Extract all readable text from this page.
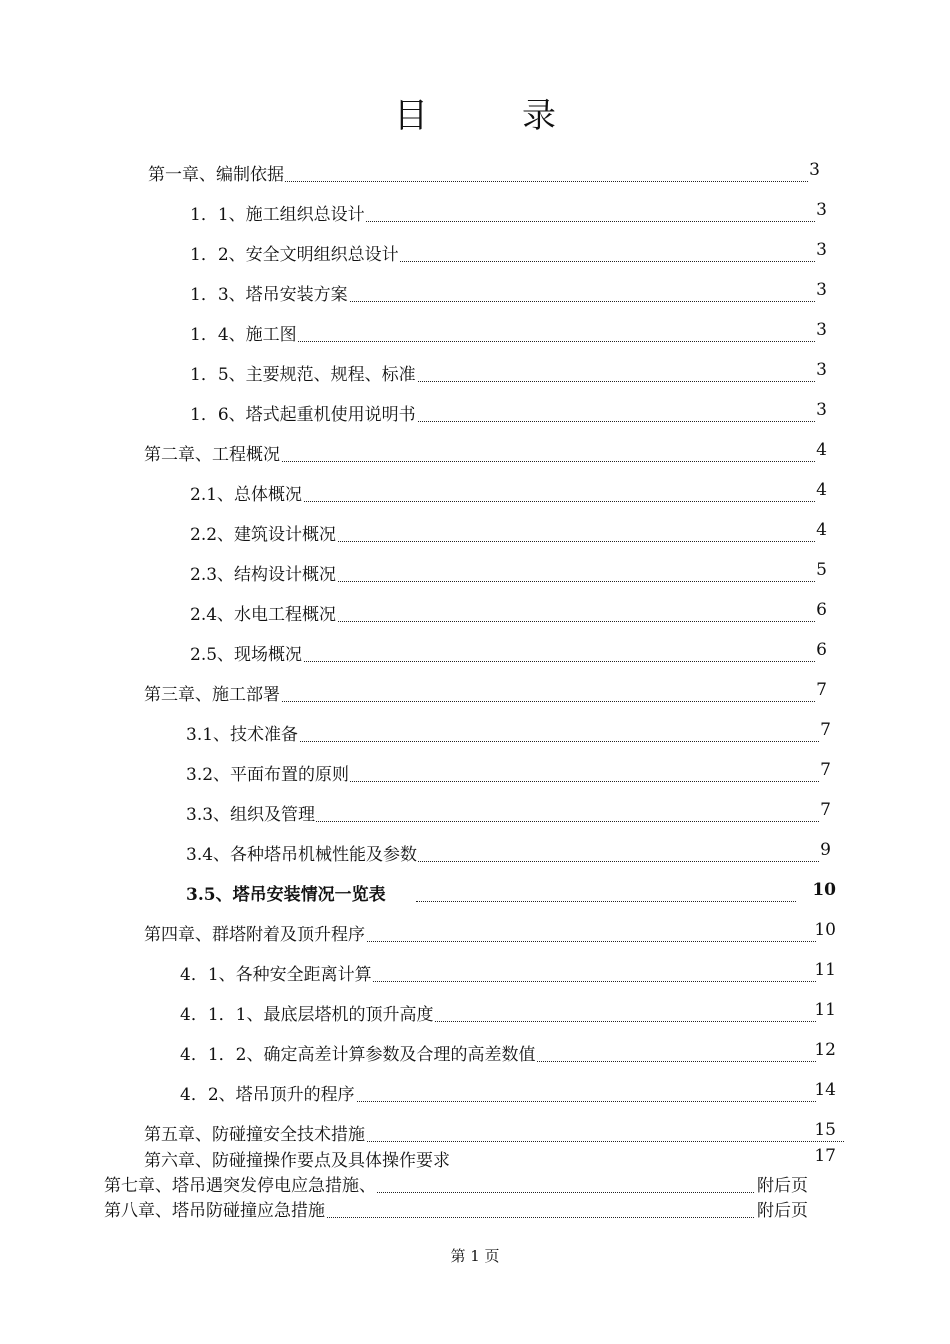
目　录
第一章、编制依据	3
1．1、施工组织总设计	3
1．2、安全文明组织总设计	3
1．3、塔吊安装方案	3
1．4、施工图	3
1．5、主要规范、规程、标准	3
1．6、塔式起重机使用说明书	3
第二章、工程概况	4
2.1、总体概况	4
2.2、建筑设计概况	4
2.3、结构设计概况	5
2.4、水电工程概况	6
2.5、现场概况	6
第三章、施工部署	7
3.1、技术准备	7
3.2、平面布置的原则	7
3.3、组织及管理	7
3.4、各种塔吊机械性能及参数	9
3.5、塔吊安装情况一览表	10
第四章、群塔附着及顶升程序	10
4．1、各种安全距离计算	11
4．1．1、最底层塔机的顶升高度	11
4．1．2、确定高差计算参数及合理的高差数值	12
4．2、塔吊顶升的程序	14
第五章、防碰撞安全技术措施	15
第六章、防碰撞操作要点及具体操作要求	17
第七章、塔吊遇突发停电应急措施、	附后页
第八章、塔吊防碰撞应急措施	附后页
第 1 页
